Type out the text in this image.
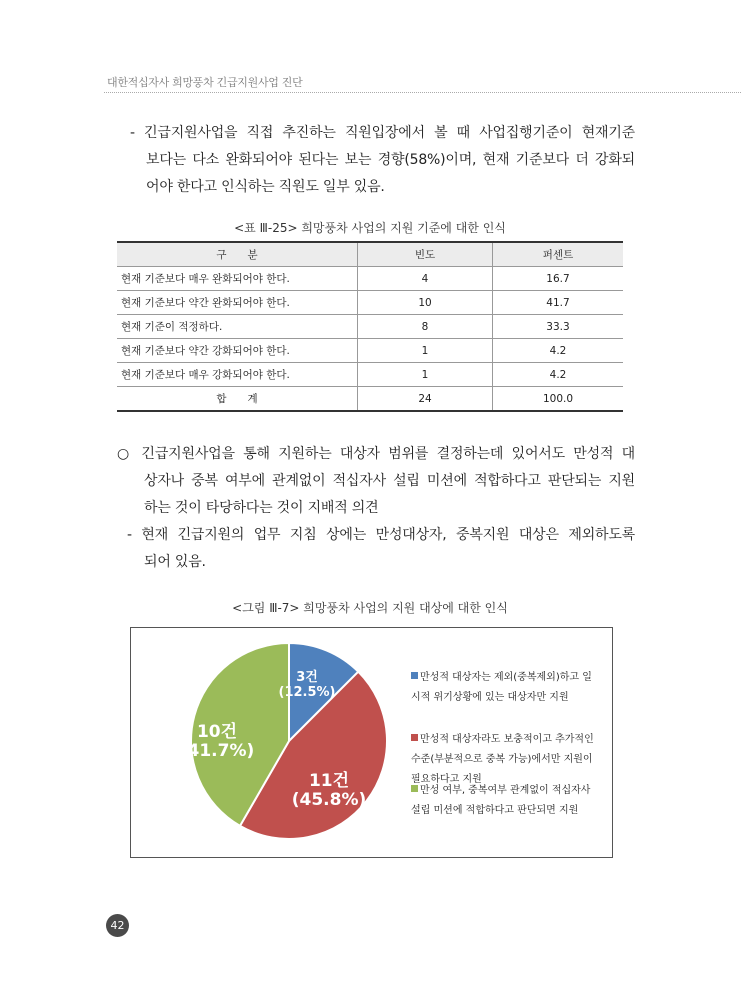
대한적십자사 희망풍차 긴급지원사업 진단
- 긴급지원사업을 직접 추진하는 직원입장에서 볼 때 사업집행기준이 현재기준
보다는 다소 완화되어야 된다는 보는 경향(58%)이며, 현재 기준보다 더 강화되
어야 한다고 인식하는 직원도 일부 있음.
<표 Ⅲ-25> 희망풍차 사업의 지원 기준에 대한 인식
구　　분	빈도	퍼센트
현재 기준보다 매우 완화되어야 한다.	4	16.7
현재 기준보다 약간 완화되어야 한다.	10	41.7
현재 기준이 적정하다.	8	33.3
현재 기준보다 약간 강화되어야 한다.	1	4.2
현재 기준보다 매우 강화되어야 한다.	1	4.2
합　　계	24	100.0
○ 긴급지원사업을 통해 지원하는 대상자 범위를 결정하는데 있어서도 만성적 대
상자나 중복 여부에 관계없이 적십자사 설립 미션에 적합하다고 판단되는 지원
하는 것이 타당하다는 것이 지배적 의견
- 현재 긴급지원의 업무 지침 상에는 만성대상자, 중복지원 대상은 제외하도록
되어 있음.
<그림 Ⅲ-7> 희망풍차 사업의 지원 대상에 대한 인식
3건
(12.5%)
11건
(45.8%)
10건
(41.7%)
만성적 대상자는 제외(중복제외)하고 일시적 위기상황에 있는 대상자만 지원
만성적 대상자라도 보충적이고 추가적인 수준(부분적으로 중복 가능)에서만 지원이 필요하다고 지원
만성 여부, 중복여부 관계없이 적십자사 설립 미션에 적합하다고 판단되면 지원
42
